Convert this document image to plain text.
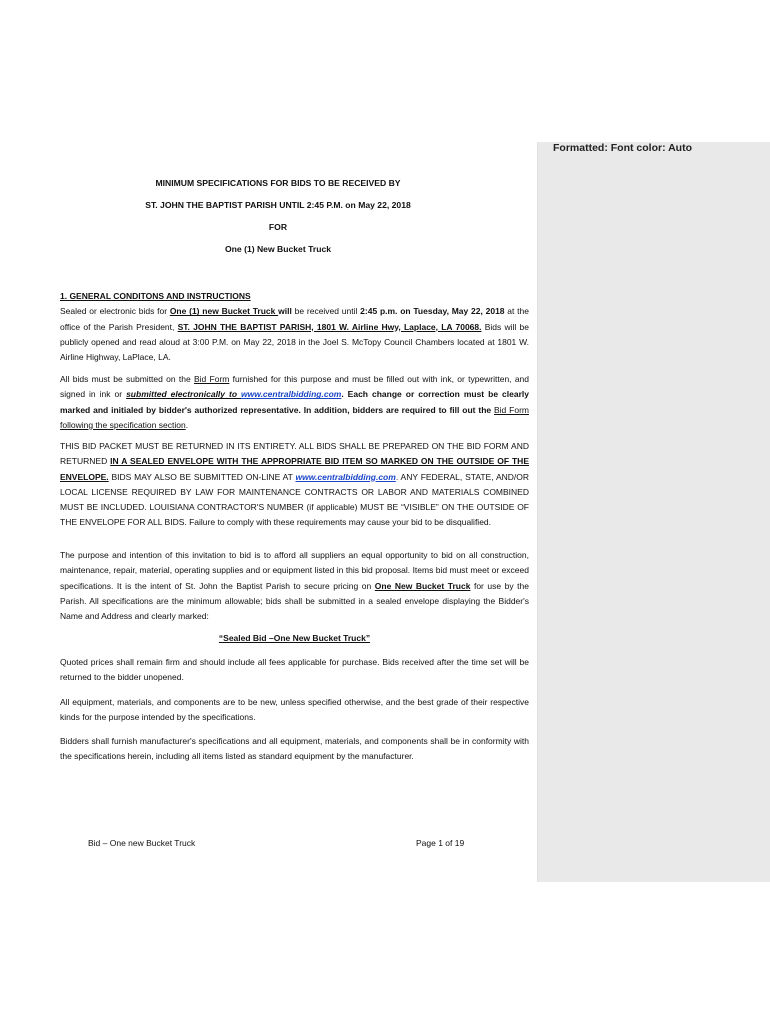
Formatted: Font color: Auto
MINIMUM SPECIFICATIONS FOR BIDS TO BE RECEIVED BY
ST. JOHN THE BAPTIST PARISH UNTIL 2:45 P.M. on May 22, 2018
FOR
One (1) New Bucket Truck
1. GENERAL CONDITONS AND INSTRUCTIONS
Sealed or electronic bids for One (1) new Bucket Truck will be received until 2:45 p.m. on Tuesday, May 22, 2018 at the office of the Parish President, ST. JOHN THE BAPTIST PARISH, 1801 W. Airline Hwy, Laplace, LA 70068. Bids will be publicly opened and read aloud at 3:00 P.M. on May 22, 2018 in the Joel S. McTopy Council Chambers located at 1801 W. Airline Highway, LaPlace, LA.
All bids must be submitted on the Bid Form furnished for this purpose and must be filled out with ink, or typewritten, and signed in ink or submitted electronically to www.centralbidding.com. Each change or correction must be clearly marked and initialed by bidder's authorized representative. In addition, bidders are required to fill out the Bid Form following the specification section.
THIS BID PACKET MUST BE RETURNED IN ITS ENTIRETY. ALL BIDS SHALL BE PREPARED ON THE BID FORM AND RETURNED IN A SEALED ENVELOPE WITH THE APPROPRIATE BID ITEM SO MARKED ON THE OUTSIDE OF THE ENVELOPE. BIDS MAY ALSO BE SUBMITTED ON-LINE AT www.centralbidding.com. ANY FEDERAL, STATE, AND/OR LOCAL LICENSE REQUIRED BY LAW FOR MAINTENANCE CONTRACTS OR LABOR AND MATERIALS COMBINED MUST BE INCLUDED. LOUISIANA CONTRACTOR'S NUMBER (if applicable) MUST BE “VISIBLE” ON THE OUTSIDE OF THE ENVELOPE FOR ALL BIDS. Failure to comply with these requirements may cause your bid to be disqualified.
The purpose and intention of this invitation to bid is to afford all suppliers an equal opportunity to bid on all construction, maintenance, repair, material, operating supplies and or equipment listed in this bid proposal. Items bid must meet or exceed specifications. It is the intent of St. John the Baptist Parish to secure pricing on One New Bucket Truck for use by the Parish. All specifications are the minimum allowable; bids shall be submitted in a sealed envelope displaying the Bidder's Name and Address and clearly marked:
“Sealed Bid –One New Bucket Truck”
Quoted prices shall remain firm and should include all fees applicable for purchase. Bids received after the time set will be returned to the bidder unopened.
All equipment, materials, and components are to be new, unless specified otherwise, and the best grade of their respective kinds for the purpose intended by the specifications.
Bidders shall furnish manufacturer's specifications and all equipment, materials, and components shall be in conformity with the specifications herein, including all items listed as standard equipment by the manufacturer.
Bid – One new Bucket Truck	Page 1 of 19
